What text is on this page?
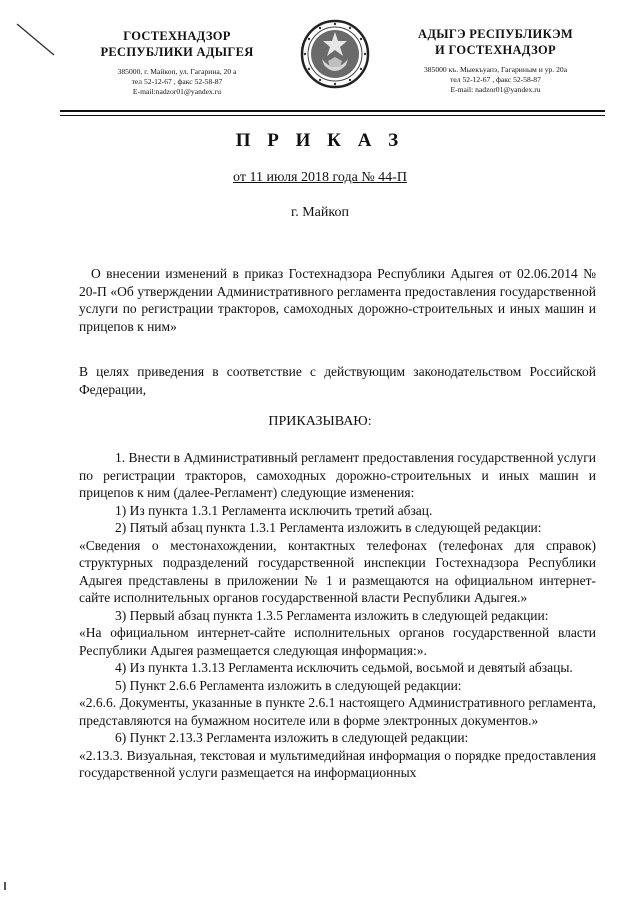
ГОСТЕХНАДЗОР
РЕСПУБЛИКИ АДЫГЕЯ
385000, г. Майкоп, ул. Гагарина, 20 а
тел 52-12-67 , факс 52-58-87
E-mail:nadzor01@yandex.ru
АДЫГЭ РЕСПУБЛИКЭМ
И ГОСТЕХНАДЗОР
385000 къ. Мыекъуапэ, Гагариным и ур. 20а
тел 52-12-67 , факс 52-58-87
E-mail: nadzor01@yandex.ru
П Р И К А З
от 11 июля 2018 года № 44-П
г. Майкоп

О внесении изменений в приказ Гостехнадзора Республики Адыгея от 02.06.2014 № 20-П «Об утверждении Административного регламента предоставления государственной услуги по регистрации тракторов, самоходных дорожно-строительных и иных машин и прицепов к ним»

В целях приведения в соответствие с действующим законодательством Российской Федерации,

ПРИКАЗЫВАЮ:

1. Внести в Административный регламент предоставления государственной услуги по регистрации тракторов, самоходных дорожно-строительных и иных машин и прицепов к ним (далее-Регламент) следующие изменения:

1) Из пункта 1.3.1 Регламента исключить третий абзац.

2) Пятый абзац пункта 1.3.1 Регламента изложить в следующей редакции:

«Сведения о местонахождении, контактных телефонах (телефонах для справок) структурных подразделений государственной инспекции Гостехнадзора Республики Адыгея представлены в приложении № 1 и размещаются на официальном интернет-сайте исполнительных органов государственной власти Республики Адыгея.»

3) Первый абзац пункта 1.3.5 Регламента изложить в следующей редакции:

«На официальном интернет-сайте исполнительных органов государственной власти Республики Адыгея размещается следующая информация:».

4) Из пункта 1.3.13 Регламента исключить седьмой, восьмой и девятый абзацы.

5) Пункт 2.6.6 Регламента изложить в следующей редакции:

«2.6.6. Документы, указанные в пункте 2.6.1 настоящего Административного регламента, представляются на бумажном носителе или в форме электронных документов.»

6) Пункт 2.13.3 Регламента изложить в следующей редакции:

«2.13.3. Визуальная, текстовая и мультимедийная информация о порядке предоставления государственной услуги размещается на информационных
